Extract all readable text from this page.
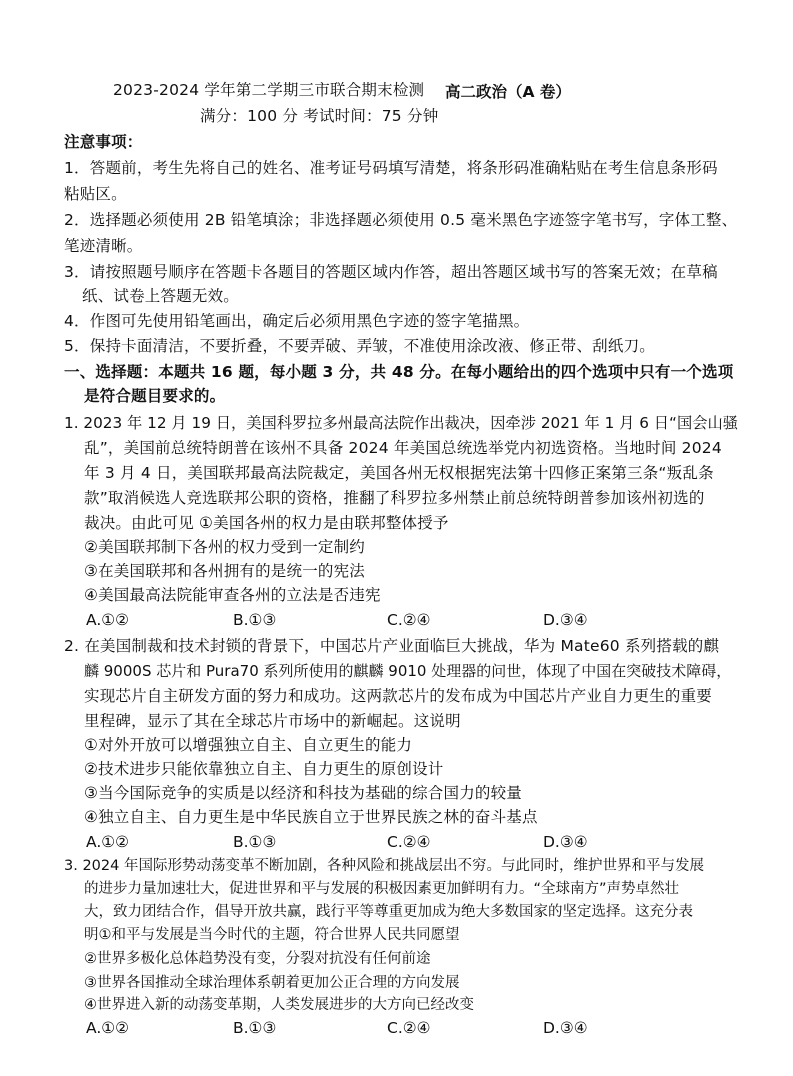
2023-2024 学年第二学期三市联合期末检测 高二政治（A 卷）
满分：100 分 考试时间：75 分钟
注意事项：
1．答题前，考生先将自己的姓名、准考证号码填写清楚，将条形码准确粘贴在考生信息条形码
粘贴区。
2．选择题必须使用 2B 铅笔填涂；非选择题必须使用 0.5 毫米黑色字迹签字笔书写，字体工整、
笔迹清晰。
3．请按照题号顺序在答题卡各题目的答题区域内作答，超出答题区域书写的答案无效；在草稿
纸、试卷上答题无效。
4．作图可先使用铅笔画出，确定后必须用黑色字迹的签字笔描黑。
5．保持卡面清洁，不要折叠，不要弄破、弄皱，不准使用涂改液、修正带、刮纸刀。
一、选择题：本题共 16 题，每小题 3 分，共 48 分。在每小题给出的四个选项中只有一个选项
是符合题目要求的。
1. 2023 年 12 月 19 日，美国科罗拉多州最高法院作出裁决，因牵涉 2021 年 1 月 6 日“国会山骚
乱”，美国前总统特朗普在该州不具备 2024 年美国总统选举党内初选资格。当地时间 2024
年 3 月 4 日，美国联邦最高法院裁定，美国各州无权根据宪法第十四修正案第三条“叛乱条
款”取消候选人竞选联邦公职的资格，推翻了科罗拉多州禁止前总统特朗普参加该州初选的
裁决。由此可见 ①美国各州的权力是由联邦整体授予
②美国联邦制下各州的权力受到一定制约
③在美国联邦和各州拥有的是统一的宪法
④美国最高法院能审查各州的立法是否违宪
A.①②	B.①③	C.②④	D.③④
2. 在美国制裁和技术封锁的背景下，中国芯片产业面临巨大挑战，华为 Mate60 系列搭载的麒
麟 9000S 芯片和 Pura70 系列所使用的麒麟 9010 处理器的问世，体现了中国在突破技术障碍，
实现芯片自主研发方面的努力和成功。这两款芯片的发布成为中国芯片产业自力更生的重要
里程碑，显示了其在全球芯片市场中的新崛起。这说明
①对外开放可以增强独立自主、自立更生的能力
②技术进步只能依靠独立自主、自力更生的原创设计
③当今国际竞争的实质是以经济和科技为基础的综合国力的较量
④独立自主、自力更生是中华民族自立于世界民族之林的奋斗基点
A.①②	B.①③	C.②④	D.③④
3. 2024 年国际形势动荡变革不断加剧，各种风险和挑战层出不穷。与此同时，维护世界和平与发展
的进步力量加速壮大，促进世界和平与发展的积极因素更加鲜明有力。“全球南方”声势卓然壮
大，致力团结合作，倡导开放共赢，践行平等尊重更加成为绝大多数国家的坚定选择。这充分表
明①和平与发展是当今时代的主题，符合世界人民共同愿望
②世界多极化总体趋势没有变，分裂对抗没有任何前途
③世界各国推动全球治理体系朝着更加公正合理的方向发展
④世界进入新的动荡变革期，人类发展进步的大方向已经改变
A.①②	B.①③	C.②④	D.③④
